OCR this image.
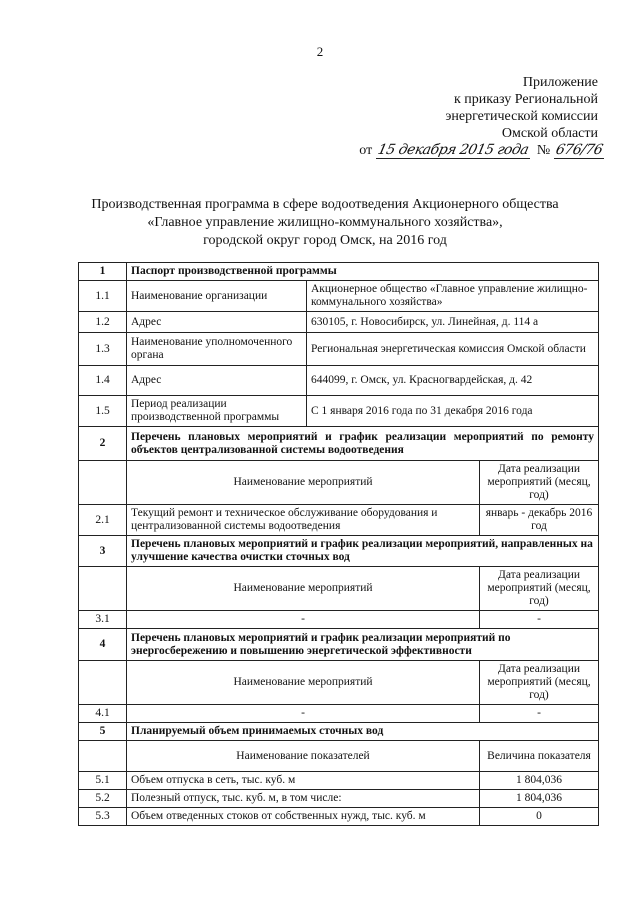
2
Приложение
к приказу Региональной
энергетической комиссии
Омской области
от 15 декабря 2015 года № 676/76
Производственная программа в сфере водоотведения Акционерного общества
«Главное управление жилищно-коммунального хозяйства»,
городской округ город Омск, на 2016 год
1	Паспорт производственной программы		
1.1	Наименование организации	Акционерное общество «Главное управление жилищно-коммунального хозяйства»	
1.2	Адрес	630105, г. Новосибирск, ул. Линейная, д. 114 а	
1.3	Наименование уполномоченного органа	Региональная энергетическая комиссия Омской области	
1.4	Адрес	644099, г. Омск, ул. Красногвардейская, д. 42	
1.5	Период реализации производственной программы	С 1 января 2016 года по 31 декабря 2016 года	
2	Перечень плановых мероприятий и график реализации мероприятий по ремонту объектов централизованной системы водоотведения		
	Наименование мероприятий		Дата реализации мероприятий (месяц, год)
2.1	Текущий ремонт и техническое обслуживание оборудования и централизованной системы водоотведения		январь - декабрь 2016 год
3	Перечень плановых мероприятий и график реализации мероприятий, направленных на улучшение качества очистки сточных вод		
	Наименование мероприятий		Дата реализации мероприятий (месяц, год)
3.1	-		-
4	Перечень плановых мероприятий и график реализации мероприятий по энергосбережению и повышению энергетической эффективности		
	Наименование мероприятий		Дата реализации мероприятий (месяц, год)
4.1	-		-
5	Планируемый объем принимаемых сточных вод		
	Наименование показателей		Величина показателя
5.1	Объем отпуска в сеть, тыс. куб. м		1 804,036
5.2	Полезный отпуск, тыс. куб. м, в том числе:		1 804,036
5.3	Объем отведенных стоков от собственных нужд, тыс. куб. м		0
